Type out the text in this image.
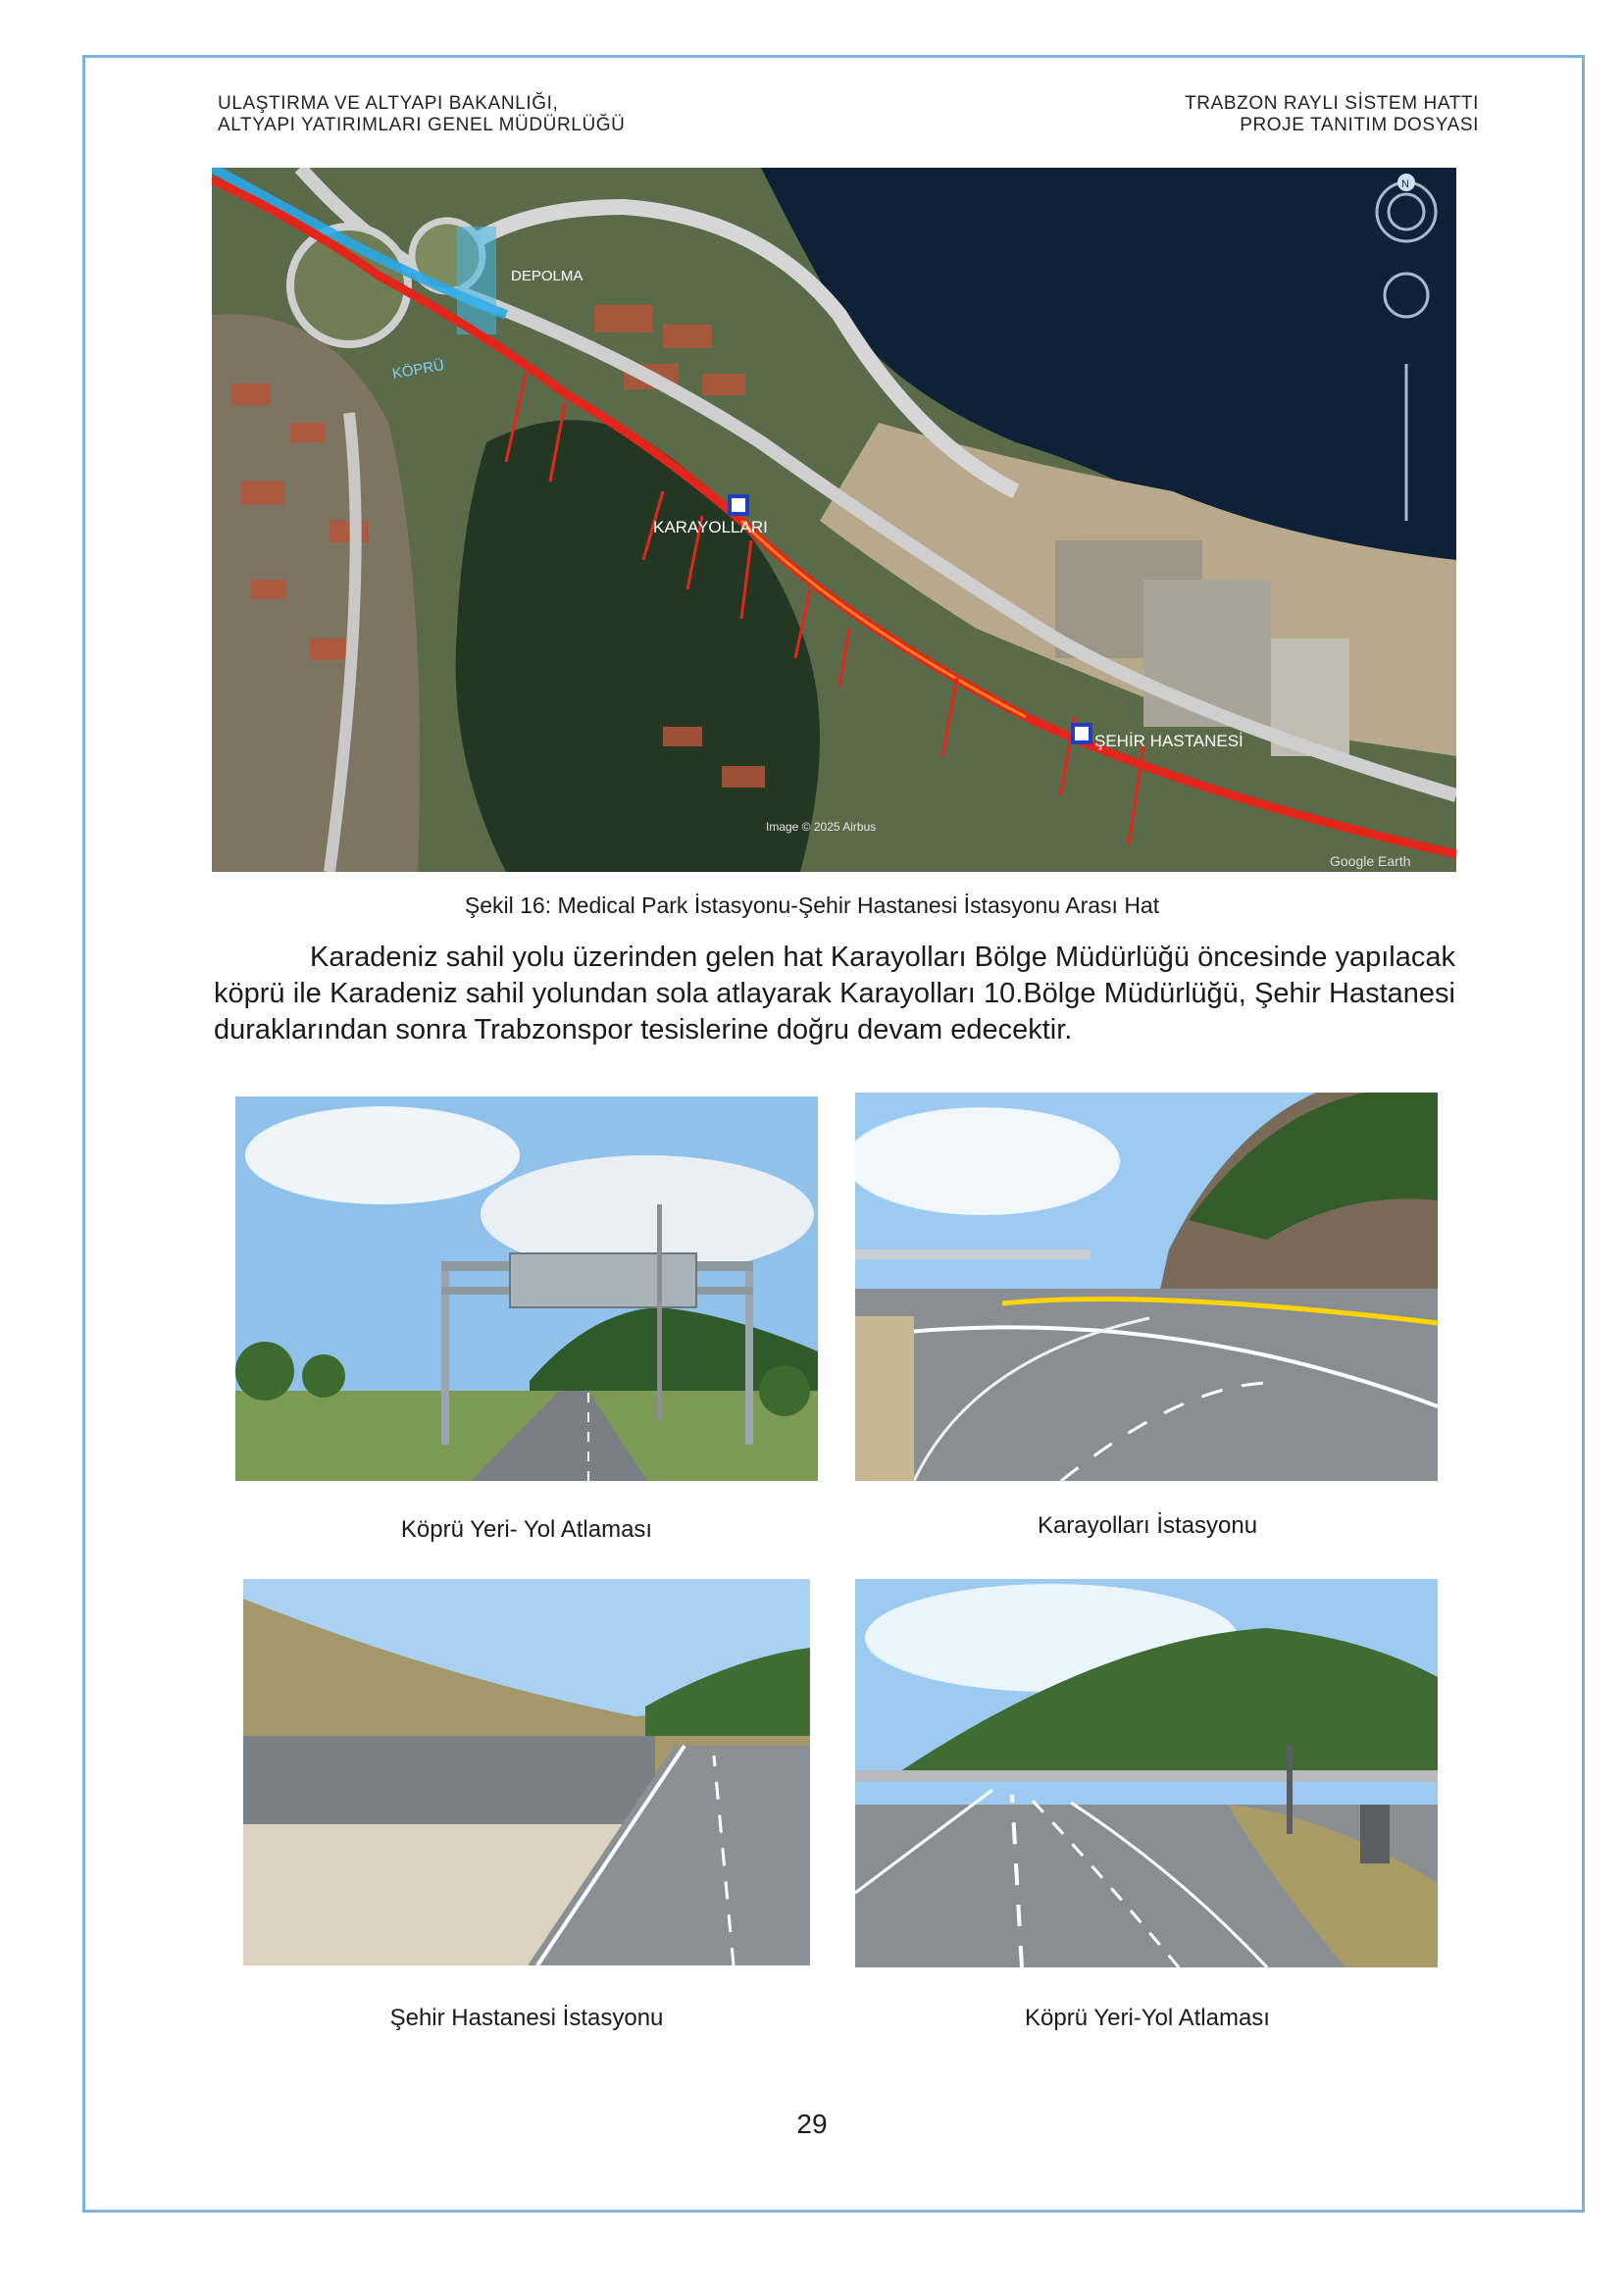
ULAŞTIRMA VE ALTYAPI BAKANLIĞI,
ALTYAPI YATIRIMLARI GENEL MÜDÜRLÜĞÜ
TRABZON RAYLI SİSTEM HATTI
PROJE TANITIM DOSYASI
DEPOLMA
KÖPRÜ
KARAYOLLARI
ŞEHİR HASTANESİ
Image © 2025 Airbus
N
Google Earth
Şekil 16: Medical Park İstasyonu-Şehir Hastanesi İstasyonu Arası Hat
Karadeniz sahil yolu üzerinden gelen hat Karayolları Bölge Müdürlüğü öncesinde yapılacak köprü ile Karadeniz sahil yolundan sola atlayarak Karayolları 10.Bölge Müdürlüğü, Şehir Hastanesi duraklarından sonra Trabzonspor tesislerine doğru devam edecektir.
Köprü Yeri- Yol Atlaması	Karayolları İstasyonu
Şehir Hastanesi İstasyonu	Köprü Yeri-Yol Atlaması
29
